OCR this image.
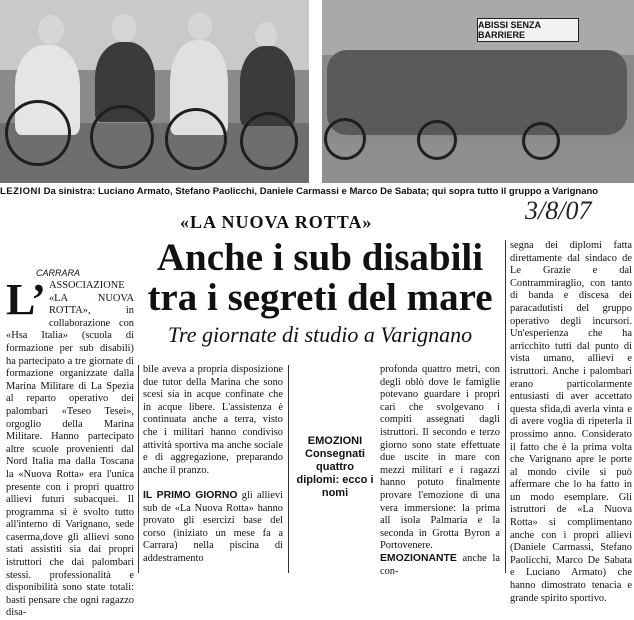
ABISSI SENZA BARRIERE
LEZIONI Da sinistra: Luciano Armato, Stefano Paolicchi, Daniele Carmassi e Marco De Sabata; qui sopra tutto il gruppo a Varignano
3/8/07
«LA NUOVA ROTTA»
Anche i sub disabili tra i segreti del mare
Tre giornate di studio a Varignano
CARRARA
L’ ASSOCIAZIONE «LA NUOVA ROTTA», in collaborazione con «Hsa Italia» (scuola di formazione per sub disabili) ha partecipato a tre giornate di formazione organizzate dalla Marina Militare di La Spezia al reparto operativo dei palombari «Teseo Tesei», orgoglio della Marina Militare. Hanno partecipato altre scuole provenienti dal Nord Italia ma dalla Toscana la «Nuova Rotta» era l'unica presente con i propri quattro allievi futuri subacquei. Il programma si è svolto tutto all'interno di Varignano, sede caserma,dove gli allievi sono stati assistiti sia dai propri istruttori che dai palombari stessi. professionalità e disponibilità sono state totali: basti pensare che ogni ragazzo disa-
bile aveva a propria disposizione due tutor della Marina che sono scesi sia in acque confinate che in acque libere. L'assistenza è continuata anche a terra, visto che i militari hanno condiviso attività sportiva ma anche sociale e di aggregazione, preparando anche il pranzo.

IL PRIMO GIORNO gli allievi sub de «La Nuova Rotta» hanno provato gli esercizi base del corso (iniziato un mese fa a Carrara) nella piscina di addestramento
EMOZIONI
Consegnati quattro diplomi: ecco i nomi
profonda quattro metri, con degli oblò dove le famiglie potevano guardare i propri cari che svolgevano i compiti assegnati dagli istruttori. Il secondo e terzo giorno sono state effettuate due uscite in mare con mezzi militari e i ragazzi hanno potuto finalmente provare l'emozione di una vera immersione: la prima all isola Palmaria e la seconda in Grotta Byron a Portovenere.
EMOZIONANTE anche la con-
segna dei diplomi fatta direttamente dal sindaco de Le Grazie e dal Contrammiraglio, con tanto di banda e discesa dei paracadutisti del gruppo operativo degli incursori. Un'esperienza che ha arricchito tutti dal punto di vista umano, allievi e istruttori. Anche i palombari erano particolarmente entusiasti di aver accettato questa sfida,di averla vinta e di avere voglia di ripeterla il prossimo anno. Considerato il fatto che è la prima volta che Varignano apre le porte al mondo civile si può affermare che lo ha fatto in un modo esemplare. Gli istruttori de «La Nuova Rotta» si complimentano anche con i propri allievi (Daniele Carmassi, Stefano Paolicchi, Marco De Sabata e Luciano Armato) che hanno dimostrato tenacia e grande spirito sportivo.
